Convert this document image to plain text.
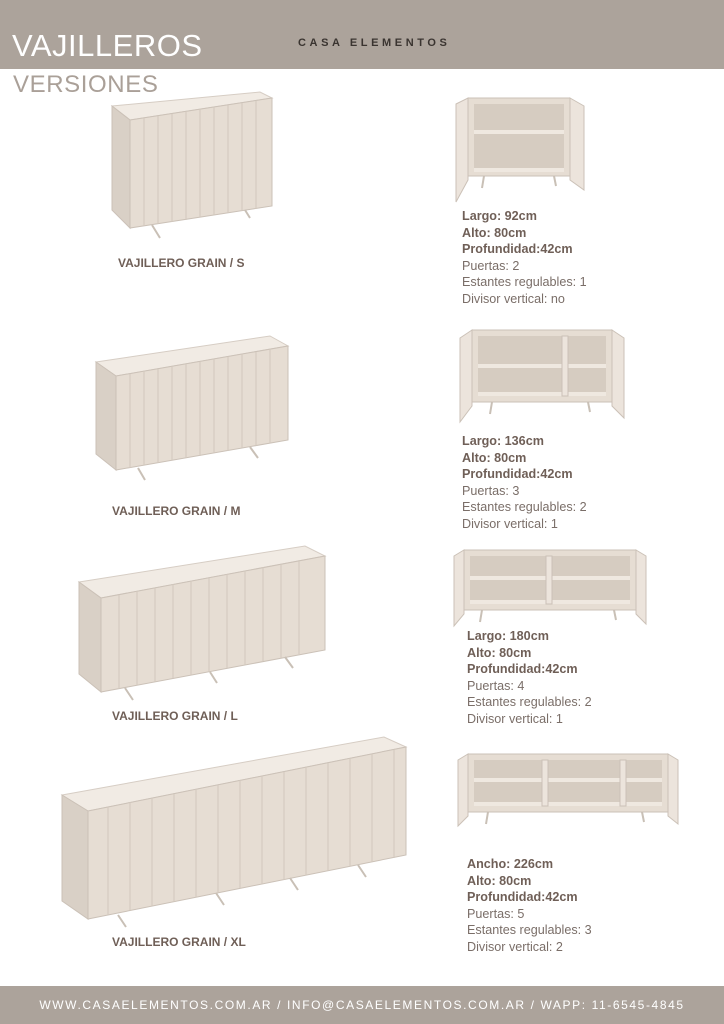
VAJILLEROS	CASA ELEMENTOS
VERSIONES
VAJILLERO GRAIN / S
VAJILLERO GRAIN / M
VAJILLERO GRAIN / L
VAJILLERO GRAIN / XL
Largo: 92cm
Alto: 80cm
Profundidad:42cm
Puertas: 2
Estantes regulables: 1
Divisor vertical: no
Largo: 136cm
Alto: 80cm
Profundidad:42cm
Puertas: 3
Estantes regulables: 2
Divisor vertical: 1
Largo: 180cm
Alto: 80cm
Profundidad:42cm
Puertas: 4
Estantes regulables: 2
Divisor vertical: 1
Ancho: 226cm
Alto: 80cm
Profundidad:42cm
Puertas: 5
Estantes regulables: 3
Divisor vertical: 2
WWW.CASAELEMENTOS.COM.AR / INFO@CASAELEMENTOS.COM.AR / WAPP: 11-6545-4845
